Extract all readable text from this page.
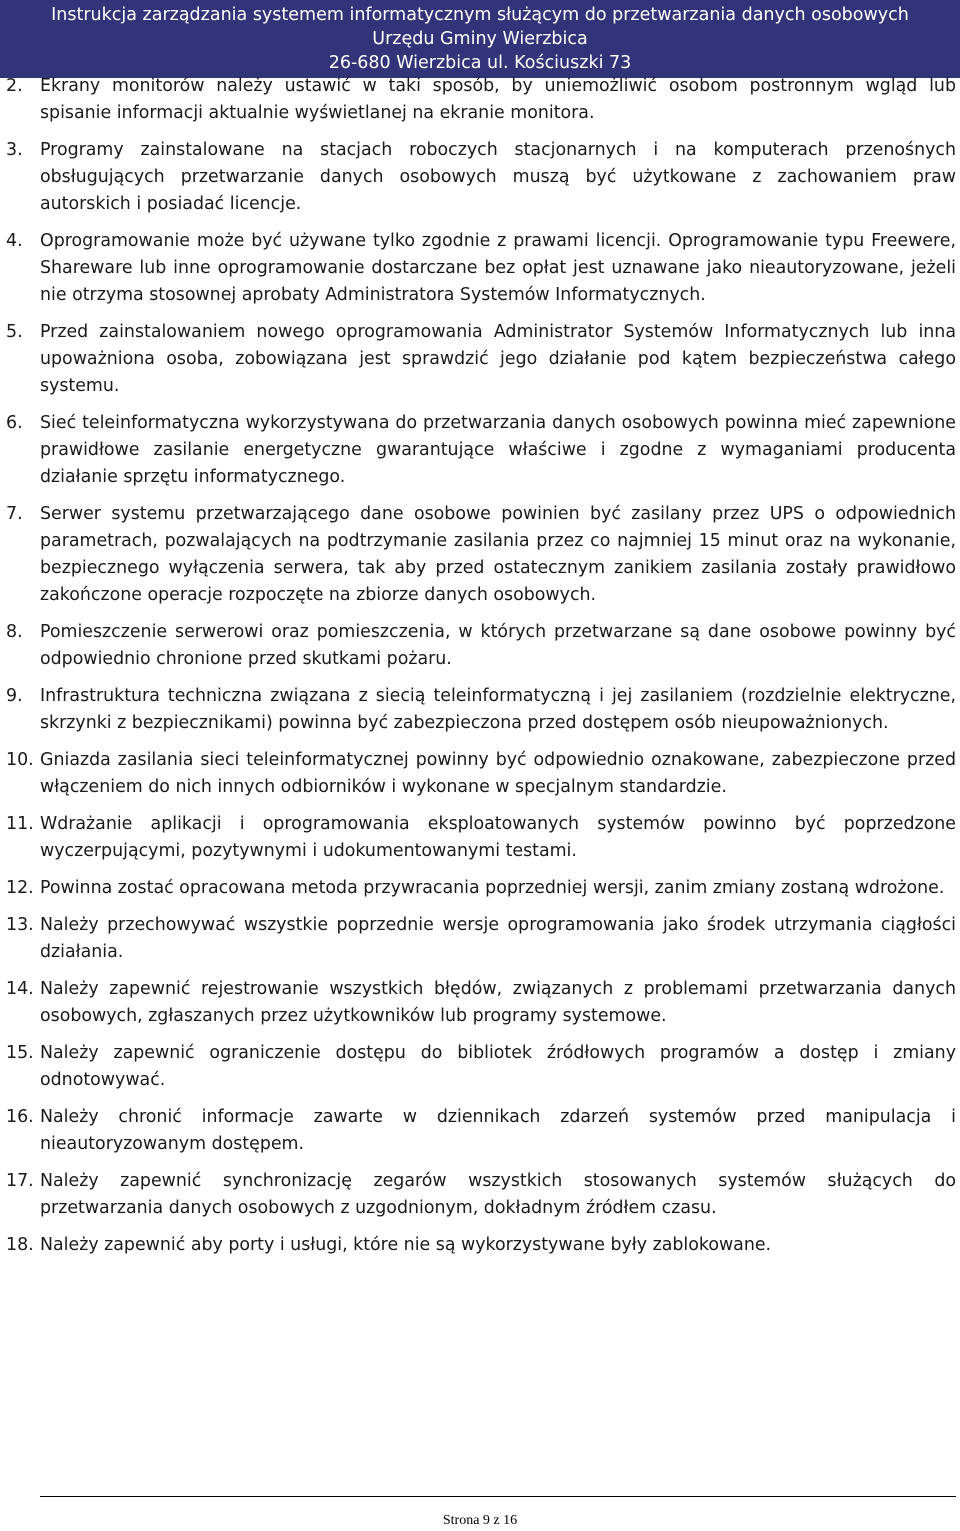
Instrukcja zarządzania systemem informatycznym służącym do przetwarzania danych osobowych
Urzędu Gminy Wierzbica
26-680 Wierzbica ul. Kościuszki 73
2. Ekrany monitorów należy ustawić w taki sposób, by uniemożliwić osobom postronnym wgląd lub spisanie informacji aktualnie wyświetlanej na ekranie monitora.
3. Programy zainstalowane na stacjach roboczych stacjonarnych i na komputerach przenośnych obsługujących przetwarzanie danych osobowych muszą być użytkowane z zachowaniem praw autorskich i posiadać licencje.
4. Oprogramowanie może być używane tylko zgodnie z prawami licencji. Oprogramowanie typu Freewere, Shareware lub inne oprogramowanie dostarczane bez opłat jest uznawane jako nieautoryzowane, jeżeli nie otrzyma stosownej aprobaty Administratora Systemów Informatycznych.
5. Przed zainstalowaniem nowego oprogramowania Administrator Systemów Informatycznych lub inna upoważniona osoba, zobowiązana jest sprawdzić jego działanie pod kątem bezpieczeństwa całego systemu.
6. Sieć teleinformatyczna wykorzystywana do przetwarzania danych osobowych powinna mieć zapewnione prawidłowe zasilanie energetyczne gwarantujące właściwe i zgodne z wymaganiami producenta działanie sprzętu informatycznego.
7. Serwer systemu przetwarzającego dane osobowe powinien być zasilany przez UPS o odpowiednich parametrach, pozwalających na podtrzymanie zasilania przez co najmniej 15 minut oraz na wykonanie, bezpiecznego wyłączenia serwera, tak aby przed ostatecznym zanikiem zasilania zostały prawidłowo zakończone operacje rozpoczęte na zbiorze danych osobowych.
8. Pomieszczenie serwerowi oraz pomieszczenia, w których przetwarzane są dane osobowe powinny być odpowiednio chronione przed skutkami pożaru.
9. Infrastruktura techniczna związana z siecią teleinformatyczną i jej zasilaniem (rozdzielnie elektryczne, skrzynki z bezpiecznikami) powinna być zabezpieczona przed dostępem osób nieupoważnionych.
10. Gniazda zasilania sieci teleinformatycznej powinny być odpowiednio oznakowane, zabezpieczone przed włączeniem do nich innych odbiorników i wykonane w specjalnym standardzie.
11. Wdrażanie aplikacji i oprogramowania eksploatowanych systemów powinno być poprzedzone wyczerpującymi, pozytywnymi i udokumentowanymi testami.
12. Powinna zostać opracowana metoda przywracania poprzedniej wersji, zanim zmiany zostaną wdrożone.
13. Należy przechowywać wszystkie poprzednie wersje oprogramowania jako środek utrzymania ciągłości działania.
14. Należy zapewnić rejestrowanie wszystkich błędów, związanych z problemami przetwarzania danych osobowych, zgłaszanych przez użytkowników lub programy systemowe.
15. Należy zapewnić ograniczenie dostępu do bibliotek źródłowych programów a dostęp i zmiany odnotowywać.
16. Należy chronić informacje zawarte w dziennikach zdarzeń systemów przed manipulacja i nieautoryzowanym dostępem.
17. Należy zapewnić synchronizację zegarów wszystkich stosowanych systemów służących do przetwarzania danych osobowych z uzgodnionym, dokładnym źródłem czasu.
18. Należy zapewnić aby porty i usługi, które nie są wykorzystywane były zablokowane.
Strona 9 z 16
